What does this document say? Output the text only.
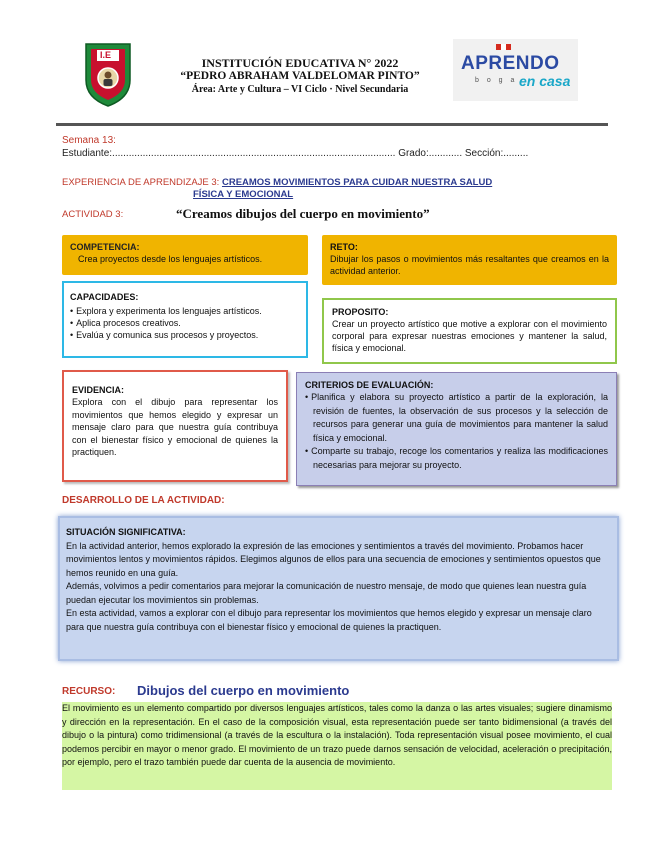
I.E
INSTITUCIÓN EDUCATIVA N° 2022
“PEDRO ABRAHAM VALDELOMAR PINTO”
Área: Arte y Cultura – VI Ciclo · Nivel Secundaria
APRENDO
b o g a en casa
Semana 13:
Estudiante:...................................................................................................... Grado:............ Sección:.........
EXPERIENCIA DE APRENDIZAJE 3: CREAMOS MOVIMIENTOS PARA CUIDAR NUESTRA SALUD
FÍSICA Y EMOCIONAL
ACTIVIDAD 3:	“Creamos dibujos del cuerpo en movimiento”
COMPETENCIA:
Crea proyectos desde los lenguajes artísticos.
RETO:
Dibujar los pasos o movimientos más resaltantes que creamos en la actividad anterior.
CAPACIDADES:
• Explora y experimenta los lenguajes artísticos.
• Aplica procesos creativos.
• Evalúa y comunica sus procesos y proyectos.
PROPOSITO:
Crear un proyecto artístico que motive a explorar con el movimiento corporal para expresar nuestras emociones y mantener la salud, física y emocional.
EVIDENCIA:
Explora con el dibujo para representar los movimientos que hemos elegido y expresar un mensaje claro para que nuestra guía contribuya con el bienestar físico y emocional de quienes la practiquen.
CRITERIOS DE EVALUACIÓN:
• Planifica y elabora su proyecto artístico a partir de la exploración, la revisión de fuentes, la observación de sus procesos y la selección de recursos para generar una guía de movimientos para mantener la salud física y emocional.
• Comparte su trabajo, recoge los comentarios y realiza las modificaciones necesarias para mejorar su proyecto.
DESARROLLO DE LA ACTIVIDAD:
SITUACIÓN SIGNIFICATIVA:
En la actividad anterior, hemos explorado la expresión de las emociones y sentimientos a través del movimiento. Probamos hacer movimientos lentos y movimientos rápidos. Elegimos algunos de ellos para una secuencia de emociones y sentimientos opuestos que hemos reunido en una guía.
Además, volvimos a pedir comentarios para mejorar la comunicación de nuestro mensaje, de modo que quienes lean nuestra guía puedan ejecutar los movimientos sin problemas.
En esta actividad, vamos a explorar con el dibujo para representar los movimientos que hemos elegido y expresar un mensaje claro para que nuestra guía contribuya con el bienestar físico y emocional de quienes la practiquen.
RECURSO: Dibujos del cuerpo en movimiento
El movimiento es un elemento compartido por diversos lenguajes artísticos, tales como la danza o las artes visuales; sugiere dinamismo y dirección en la representación. En el caso de la composición visual, esta representación puede ser tanto bidimensional (a través del dibujo o la pintura) como tridimensional (a través de la escultura o la instalación). Toda representación visual posee movimiento, el cual podemos percibir en mayor o menor grado. El movimiento de un trazo puede darnos sensación de velocidad, aceleración o precipitación, por ejemplo, pero el trazo también puede dar cuenta de la ausencia de movimiento.
